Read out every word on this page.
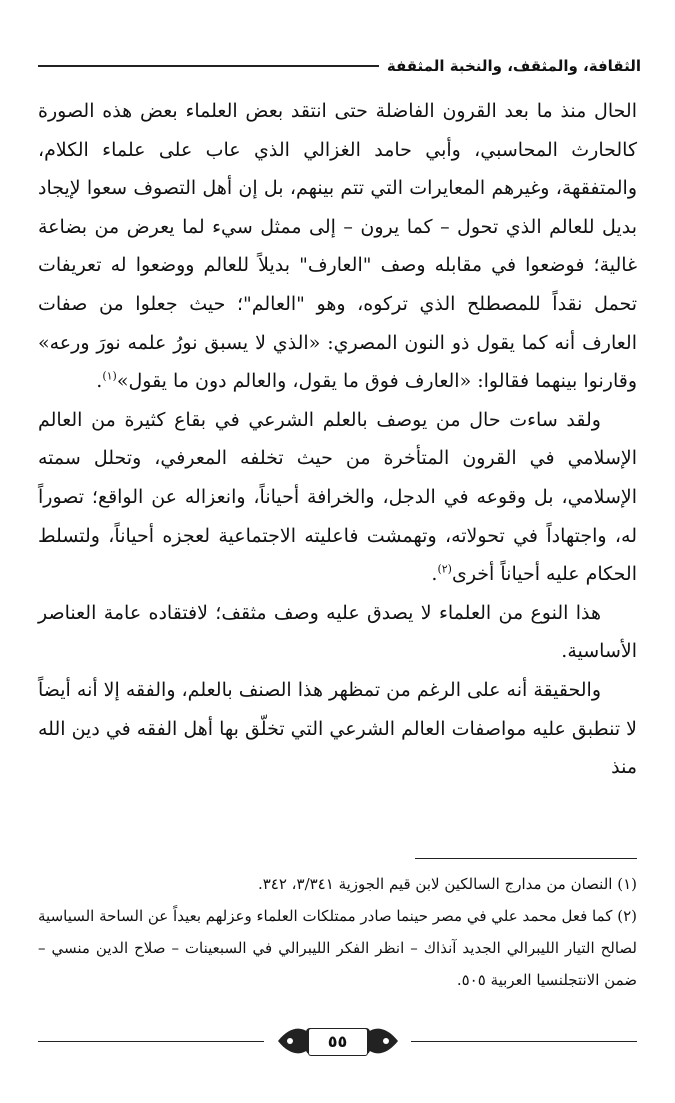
الثقافة، والمثقف، والنخبة المثقفة

الحال منذ ما بعد القرون الفاضلة حتى انتقد بعض العلماء بعض هذه الصورة كالحارث المحاسبي، وأبي حامد الغزالي الذي عاب على علماء الكلام، والمتفقهة، وغيرهم المعايرات التي تتم بينهم، بل إن أهل التصوف سعوا لإيجاد بديل للعالم الذي تحول – كما يرون – إلى ممثل سيء لما يعرض من بضاعة غالية؛ فوضعوا في مقابله وصف "العارف" بديلاً للعالم ووضعوا له تعريفات تحمل نقداً للمصطلح الذي تركوه، وهو "العالم"؛ حيث جعلوا من صفات العارف أنه كما يقول ذو النون المصري: «الذي لا يسبق نورُ علمه نورَ ورعه» وقارنوا بينهما فقالوا: «العارف فوق ما يقول، والعالم دون ما يقول»$^{(١)}$.

ولقد ساءت حال من يوصف بالعلم الشرعي في بقاع كثيرة من العالم الإسلامي في القرون المتأخرة من حيث تخلفه المعرفي، وتحلل سمته الإسلامي، بل وقوعه في الدجل، والخرافة أحياناً، وانعزاله عن الواقع؛ تصوراً له، واجتهاداً في تحولاته، وتهمشت فاعليته الاجتماعية لعجزه أحياناً، ولتسلط الحكام عليه أحياناً أخرى$^{(٢)}$.

هذا النوع من العلماء لا يصدق عليه وصف مثقف؛ لافتقاده عامة العناصر الأساسية.

والحقيقة أنه على الرغم من تمظهر هذا الصنف بالعلم، والفقه إلا أنه أيضاً لا تنطبق عليه مواصفات العالم الشرعي التي تخلّق بها أهل الفقه في دين الله منذ

(١) النصان من مدارج السالكين لابن قيم الجوزية ٣/٣٤١، ٣٤٢.

(٢) كما فعل محمد علي في مصر حينما صادر ممتلكات العلماء وعزلهم بعيداً عن الساحة السياسية لصالح التيار الليبرالي الجديد آنذاك – انظر الفكر الليبرالي في السبعينات – صلاح الدين منسي – ضمن الانتجلنسيا العربية ٥٠٥.

٥٥
